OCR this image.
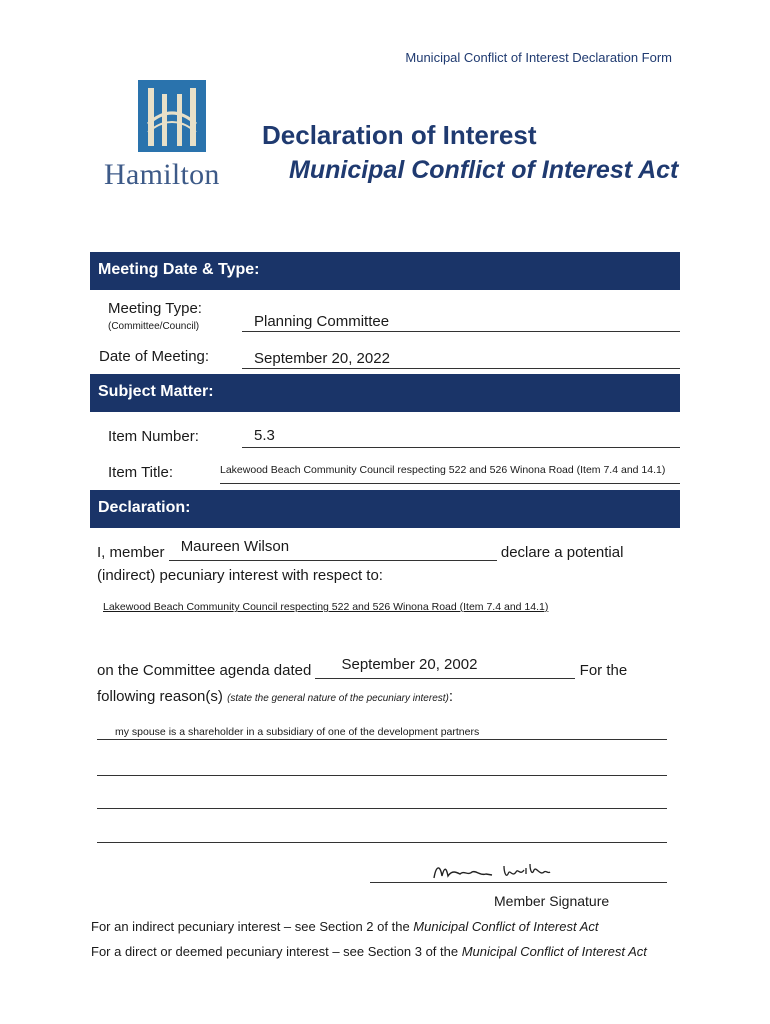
Municipal Conflict of Interest Declaration Form
Hamilton
Declaration of Interest
Municipal Conflict of Interest Act
Meeting Date & Type:
Meeting Type:
(Committee/Council)	Planning Committee
Date of Meeting:	September 20, 2022
Subject Matter:
Item Number:	5.3
Item Title:	Lakewood Beach Community Council respecting 522 and 526 Winona Road (Item 7.4 and 14.1)
Declaration:
I, member Maureen Wilson	declare a potential
(indirect) pecuniary interest with respect to:
Lakewood Beach Community Council respecting 522 and 526 Winona Road (Item 7.4 and 14.1)
on the Committee agenda dated September 20, 2002	For the
following reason(s) (state the general nature of the pecuniary interest):
my spouse is a shareholder in a subsidiary of one of the development partners
Member Signature
For an indirect pecuniary interest – see Section 2 of the Municipal Conflict of Interest Act
For a direct or deemed pecuniary interest – see Section 3 of the Municipal Conflict of Interest Act
